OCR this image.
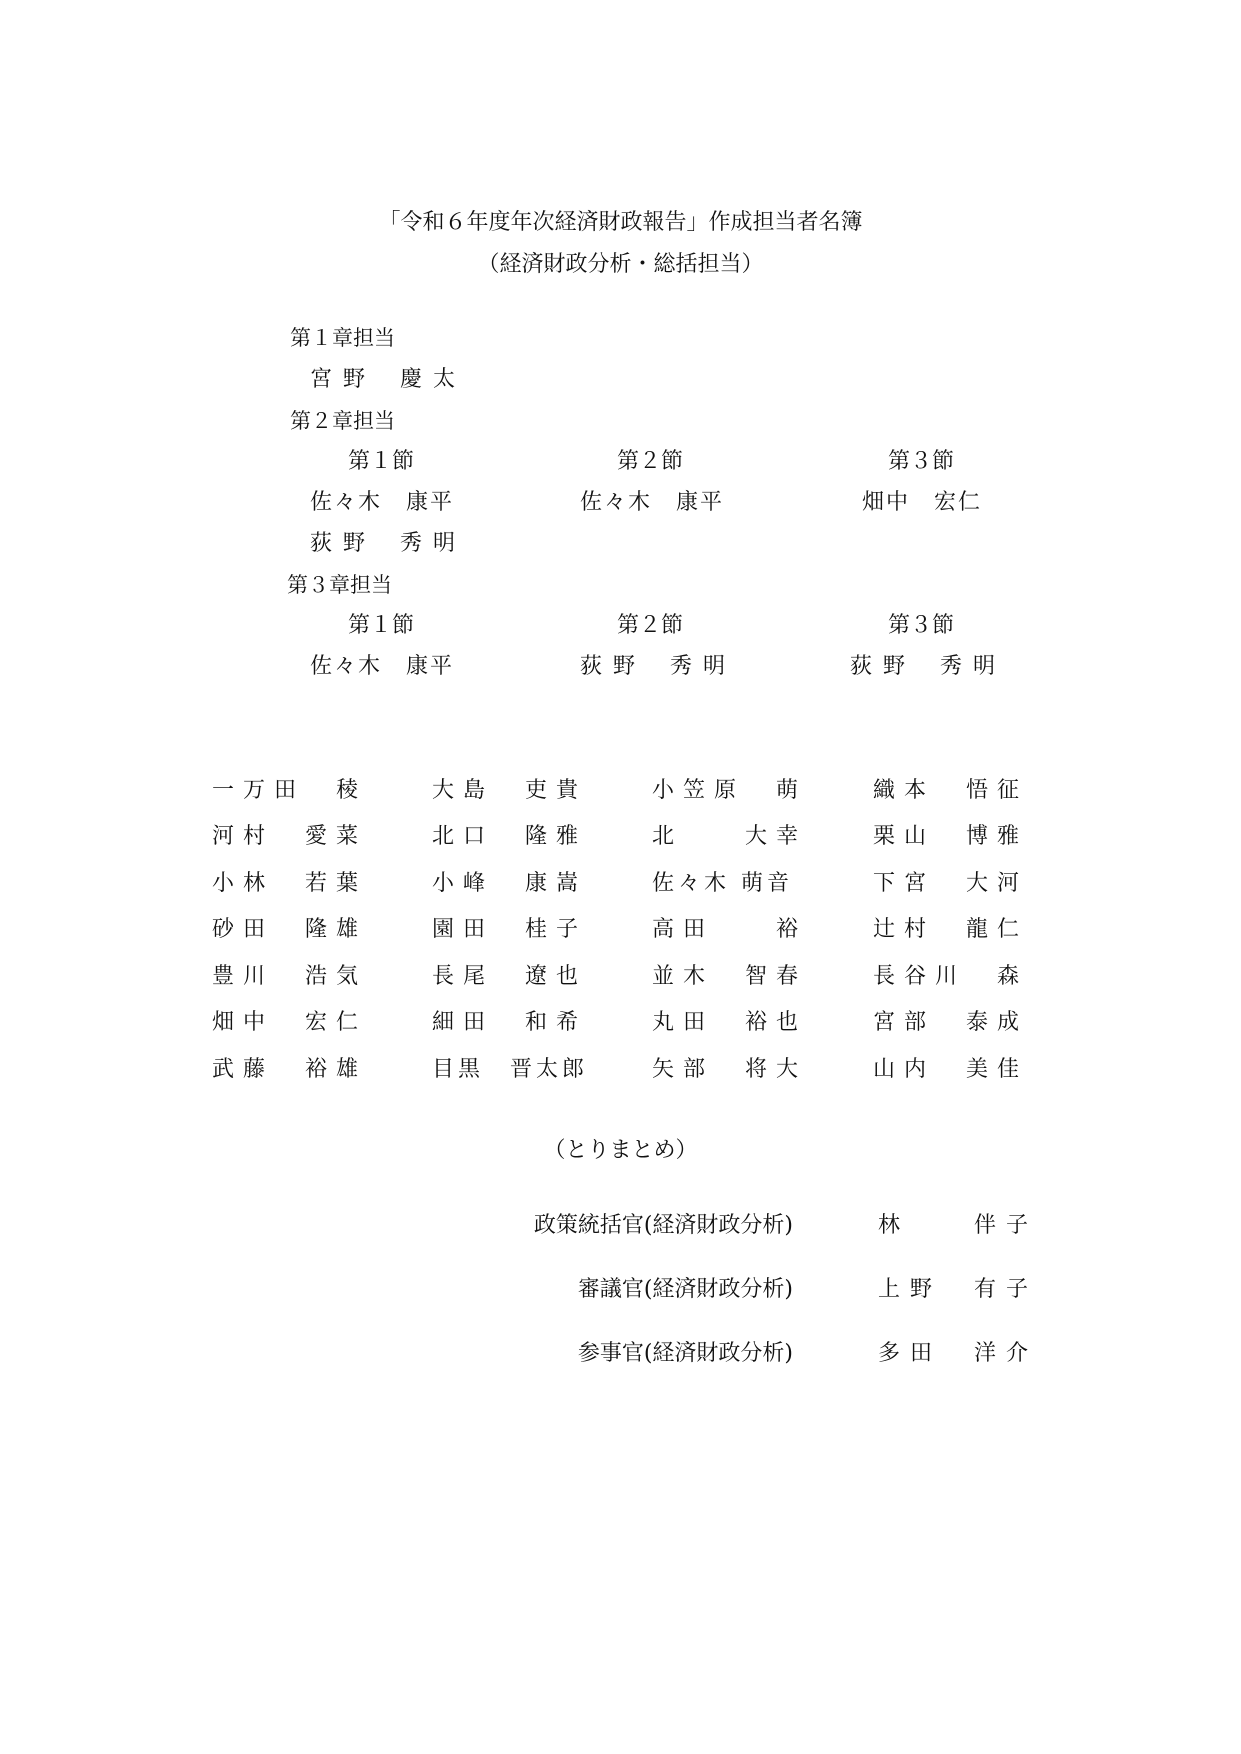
「令和６年度年次経済財政報告」作成担当者名簿
（経済財政分析・総括担当）
第１章担当
宮 野　 慶 太
第２章担当
第１節	第２節	第３節
佐々木　康平	佐々木　康平	畑中　宏仁
荻 野 　秀 明
第３章担当
第１節	第２節	第３節
佐々木　康平	荻 野 　秀 明	荻 野 　秀 明
一万田　稜	大島　吏貴	小笠原　萌	織本　悟征
河村　愛菜	北口　隆雅	北　　大幸	栗山　博雅
小林　若葉	小峰　康嵩	佐々木 萌音	下宮　大河
砂田　隆雄	園田　桂子	高田　　裕	辻村　龍仁
豊川　浩気	長尾　遼也	並木　智春	長谷川　森
畑中　宏仁	細田　和希	丸田　裕也	宮部　泰成
武藤　裕雄	目黒　晋太郎	矢部　将大	山内　美佳
（とりまとめ）
政策統括官(経済財政分析)	林　　伴子
審議官(経済財政分析)	上野　有子
参事官(経済財政分析)	多田　洋介
